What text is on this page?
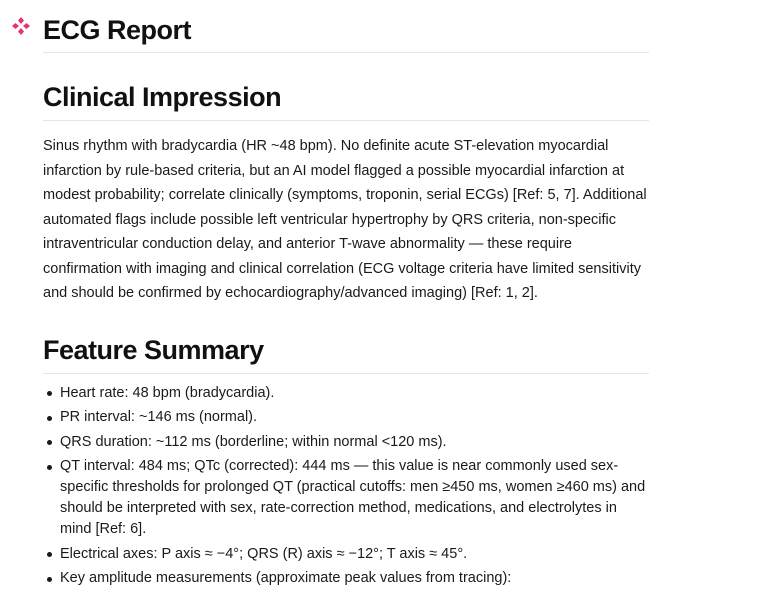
ECG Report
Clinical Impression

Sinus rhythm with bradycardia (HR ~48 bpm). No definite acute ST-elevation myocardial infarction by rule-based criteria, but an AI model flagged a possible myocardial infarction at modest probability; correlate clinically (symptoms, troponin, serial ECGs) [Ref: 5, 7]. Additional automated flags include possible left ventricular hypertrophy by QRS criteria, non-specific intraventricular conduction delay, and anterior T-wave abnormality — these require confirmation with imaging and clinical correlation (ECG voltage criteria have limited sensitivity and should be confirmed by echocardiography/advanced imaging) [Ref: 1, 2].

Feature Summary
Heart rate: 48 bpm (bradycardia).
PR interval: ~146 ms (normal).
QRS duration: ~112 ms (borderline; within normal <120 ms).
QT interval: 484 ms; QTc (corrected): 444 ms — this value is near commonly used sex-specific thresholds for prolonged QT (practical cutoffs: men ≥450 ms, women ≥460 ms) and should be interpreted with sex, rate-correction method, medications, and electrolytes in mind [Ref: 6].
Electrical axes: P axis ≈ −4°; QRS (R) axis ≈ −12°; T axis ≈ 45°.
Key amplitude measurements (approximate peak values from tracing):
